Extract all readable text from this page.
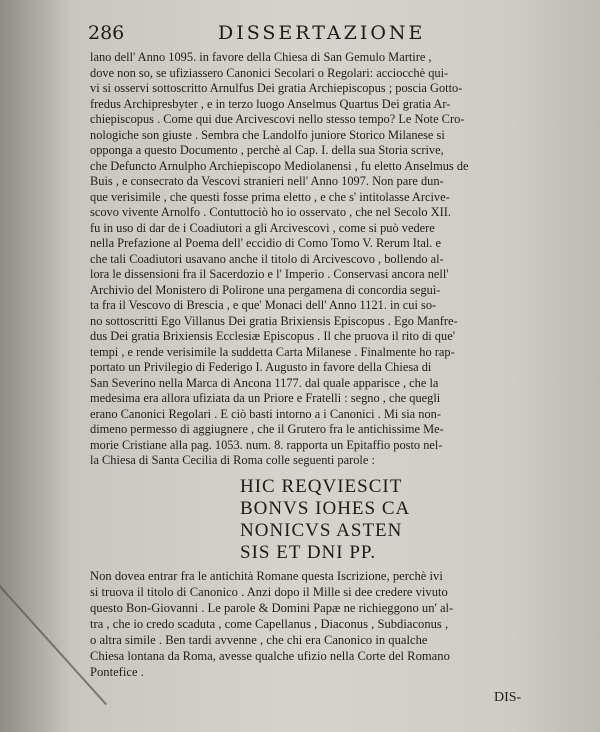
286	DISSERTAZIONE
lano dell' Anno 1095. in favore della Chiesa di San Gemulo Martire ,
dove non so, se ufiziassero Canonici Secolari o Regolari: acciocchè qui-
vi si osservi sottoscritto Arnulfus Dei gratia Archiepiscopus ; poscia Gotto-
fredus Archipresbyter , e in terzo luogo Anselmus Quartus Dei gratia Ar-
chiepiscopus . Come qui due Arcivescovi nello stesso tempo? Le Note Cro-
nologiche son giuste . Sembra che Landolfo juniore Storico Milanese si
opponga a questo Documento , perchè al Cap. I. della sua Storia scrive,
che Defuncto Arnulpho Archiepiscopo Mediolanensi , fu eletto Anselmus de
Buis , e consecrato da Vescovi stranieri nell' Anno 1097. Non pare dun-
que verisimile , che questi fosse prima eletto , e che s' intitolasse Arcive-
scovo vivente Arnolfo . Contuttociò ho io osservato , che nel Secolo XII.
fu in uso di dar de i Coadiutori a gli Arcivescovi , come si può vedere
nella Prefazione al Poema dell' eccidio di Como Tomo V. Rerum Ital. e
che tali Coadiutori usavano anche il titolo di Arcivescovo , bollendo al-
lora le dissensioni fra il Sacerdozio e l' Imperio . Conservasi ancora nell'
Archivio del Monistero di Polirone una pergamena di concordia seguì-
ta fra il Vescovo di Brescia , e que' Monaci dell' Anno 1121. in cui so-
no sottoscritti Ego Villanus Dei gratia Brixiensis Episcopus . Ego Manfre-
dus Dei gratia Brixiensis Ecclesiæ Episcopus . Il che pruova il rito di que'
tempi , e rende verisimile la suddetta Carta Milanese . Finalmente ho rap-
portato un Privilegio di Federigo I. Augusto in favore della Chiesa di
San Severino nella Marca di Ancona 1177. dal quale apparisce , che la
medesima era allora ufiziata da un Priore e Fratelli : segno , che quegli
erano Canonici Regolari . E ciò basti intorno a i Canonici . Mi sia non-
dimeno permesso di aggiugnere , che il Grutero fra le antichissime Me-
morie Cristiane alla pag. 1053. num. 8. rapporta un Epitaffio posto nel-
la Chiesa di Santa Cecilia di Roma colle seguenti parole :
HIC REQVIESCIT
BONVS IOHES CA
NONICVS ASTEN
SIS ET DNI PP.
Non dovea entrar fra le antichità Romane questa Iscrizione, perchè ivi
si truova il titolo di Canonico . Anzi dopo il Mille si dee credere vivuto
questo Bon-Giovanni . Le parole & Domini Papæ ne richieggono un' al-
tra , che io credo scaduta , come Capellanus , Diaconus , Subdiaconus ,
o altra simile . Ben tardi avvenne , che chi era Canonico in qualche
Chiesa lontana da Roma, avesse qualche ufizio nella Corte del Romano
Pontefice .
DIS-
